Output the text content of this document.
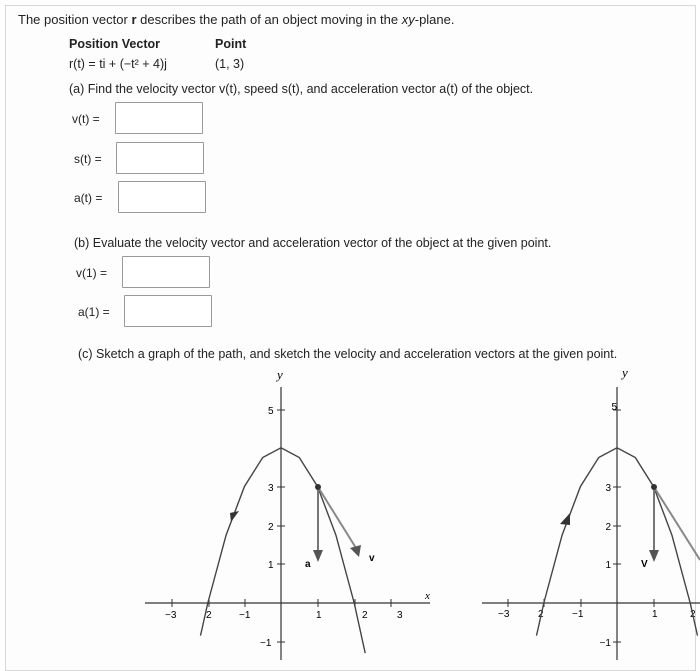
The position vector r describes the path of an object moving in the xy-plane.
Position Vector	Point
r(t) = ti + (−t² + 4)j	(1, 3)
(a) Find the velocity vector v(t), speed s(t), and acceleration vector a(t) of the object.
v(t) =
s(t) =
a(t) =
(b) Evaluate the velocity vector and acceleration vector of the object at the given point.
v(1) =
a(1) =
(c) Sketch a graph of the path, and sketch the velocity and acceleration vectors at the given point.
x
y
−3	2	−1	1	2	3
5
3
2
1
−1
a
v
y
−3	2	−1	1	2
5
3
2
1
−1
V
